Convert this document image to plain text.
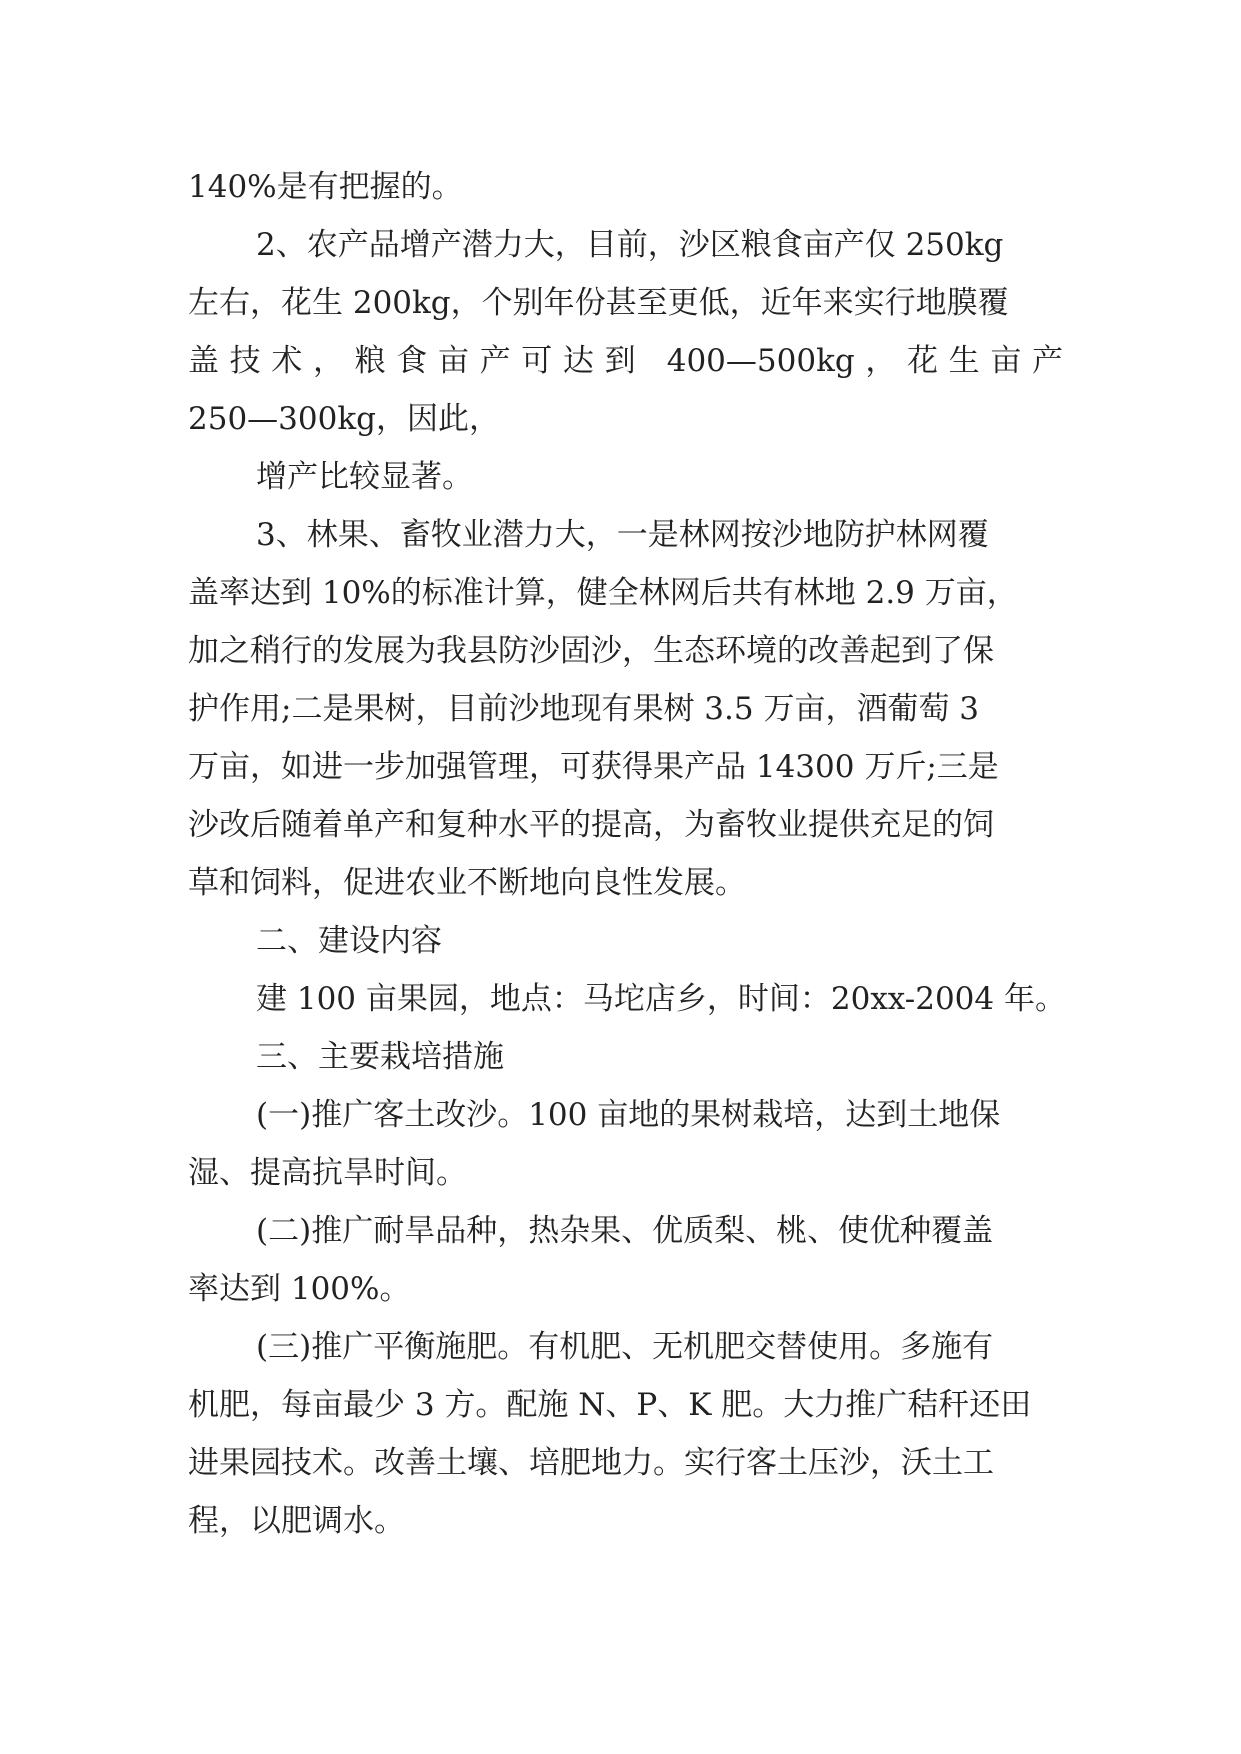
140%是有把握的。
2、农产品增产潜力大，目前，沙区粮食亩产仅 250kg
左右，花生 200kg，个别年份甚至更低，近年来实行地膜覆
盖技术，粮食亩产可达到 400—500kg，花生亩产
250—300kg，因此，
增产比较显著。
3、林果、畜牧业潜力大，一是林网按沙地防护林网覆
盖率达到 10%的标准计算，健全林网后共有林地 2.9 万亩，
加之稍行的发展为我县防沙固沙，生态环境的改善起到了保
护作用;二是果树，目前沙地现有果树 3.5 万亩，酒葡萄 3
万亩，如进一步加强管理，可获得果产品 14300 万斤;三是
沙改后随着单产和复种水平的提高，为畜牧业提供充足的饲
草和饲料，促进农业不断地向良性发展。
二、建设内容
建 100 亩果园，地点：马坨店乡，时间：20xx-2004 年。
三、主要栽培措施
(一)推广客土改沙。100 亩地的果树栽培，达到土地保
湿、提高抗旱时间。
(二)推广耐旱品种，热杂果、优质梨、桃、使优种覆盖
率达到 100%。
(三)推广平衡施肥。有机肥、无机肥交替使用。多施有
机肥，每亩最少 3 方。配施 N、P、K 肥。大力推广秸秆还田
进果园技术。改善土壤、培肥地力。实行客土压沙，沃土工
程，以肥调水。
